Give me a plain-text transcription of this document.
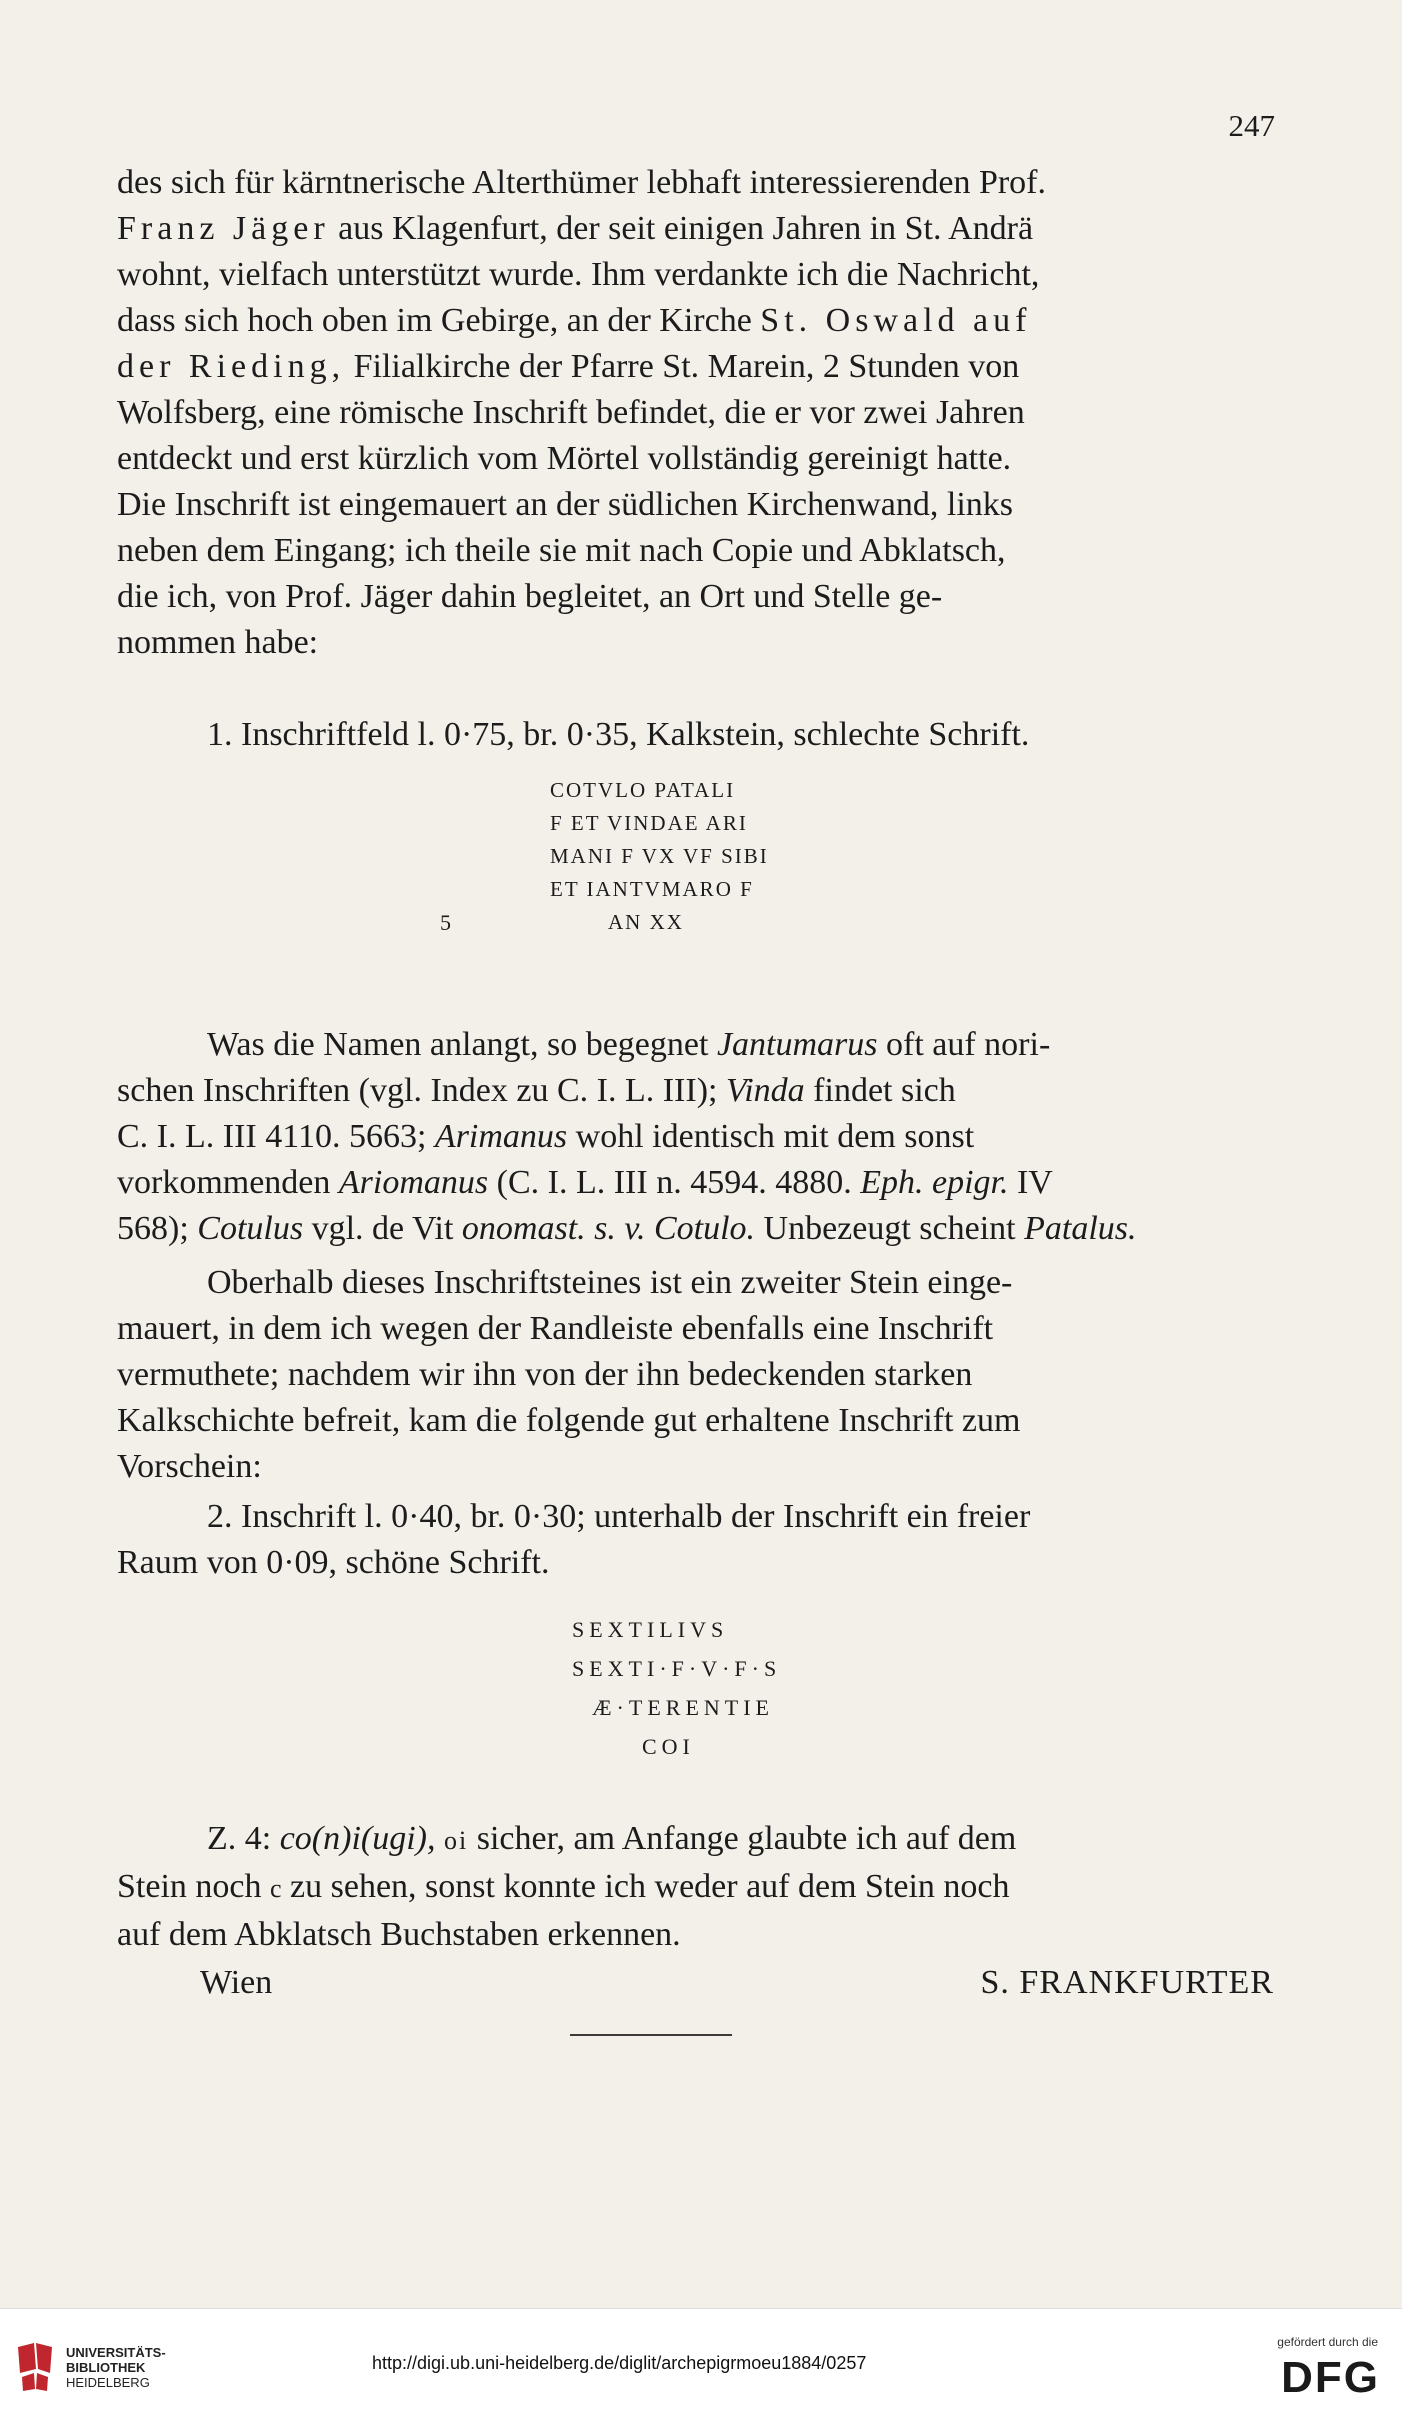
247
des sich für kärntnerische Alterthümer lebhaft interessierenden Prof.
Franz Jäger aus Klagenfurt, der seit einigen Jahren in St. Andrä
wohnt, vielfach unterstützt wurde. Ihm verdankte ich die Nachricht,
dass sich hoch oben im Gebirge, an der Kirche St. Oswald auf
der Rieding, Filialkirche der Pfarre St. Marein, 2 Stunden von
Wolfsberg, eine römische Inschrift befindet, die er vor zwei Jahren
entdeckt und erst kürzlich vom Mörtel vollständig gereinigt hatte.
Die Inschrift ist eingemauert an der südlichen Kirchenwand, links
neben dem Eingang; ich theile sie mit nach Copie und Abklatsch,
die ich, von Prof. Jäger dahin begleitet, an Ort und Stelle ge-
nommen habe:
1. Inschriftfeld l. 0·75, br. 0·35, Kalkstein, schlechte Schrift.
COTVLO PATALI
F ET VINDAE ARI
MANI F VX VF SIBI
ET IANTVMARO F
5	AN XX
Was die Namen anlangt, so begegnet Jantumarus oft auf nori-
schen Inschriften (vgl. Index zu C. I. L. III); Vinda findet sich
C. I. L. III 4110. 5663; Arimanus wohl identisch mit dem sonst
vorkommenden Ariomanus (C. I. L. III n. 4594. 4880. Eph. epigr. IV
568); Cotulus vgl. de Vit onomast. s. v. Cotulo. Unbezeugt scheint Patalus.
Oberhalb dieses Inschriftsteines ist ein zweiter Stein einge-
mauert, in dem ich wegen der Randleiste ebenfalls eine Inschrift
vermuthete; nachdem wir ihn von der ihn bedeckenden starken
Kalkschichte befreit, kam die folgende gut erhaltene Inschrift zum
Vorschein:
2. Inschrift l. 0·40, br. 0·30; unterhalb der Inschrift ein freier
Raum von 0·09, schöne Schrift.
SEXTILIVS
SEXTI·F·V·F·S
Æ·TERENTIE
COI
Z. 4: co(n)i(ugi), oi sicher, am Anfange glaubte ich auf dem
Stein noch c zu sehen, sonst konnte ich weder auf dem Stein noch
auf dem Abklatsch Buchstaben erkennen.
Wien	S. FRANKFURTER
UNIVERSITÄTS-
BIBLIOTHEK
HEIDELBERG
http://digi.ub.uni-heidelberg.de/diglit/archepigrmoeu1884/0257
gefördert durch die
DFG
